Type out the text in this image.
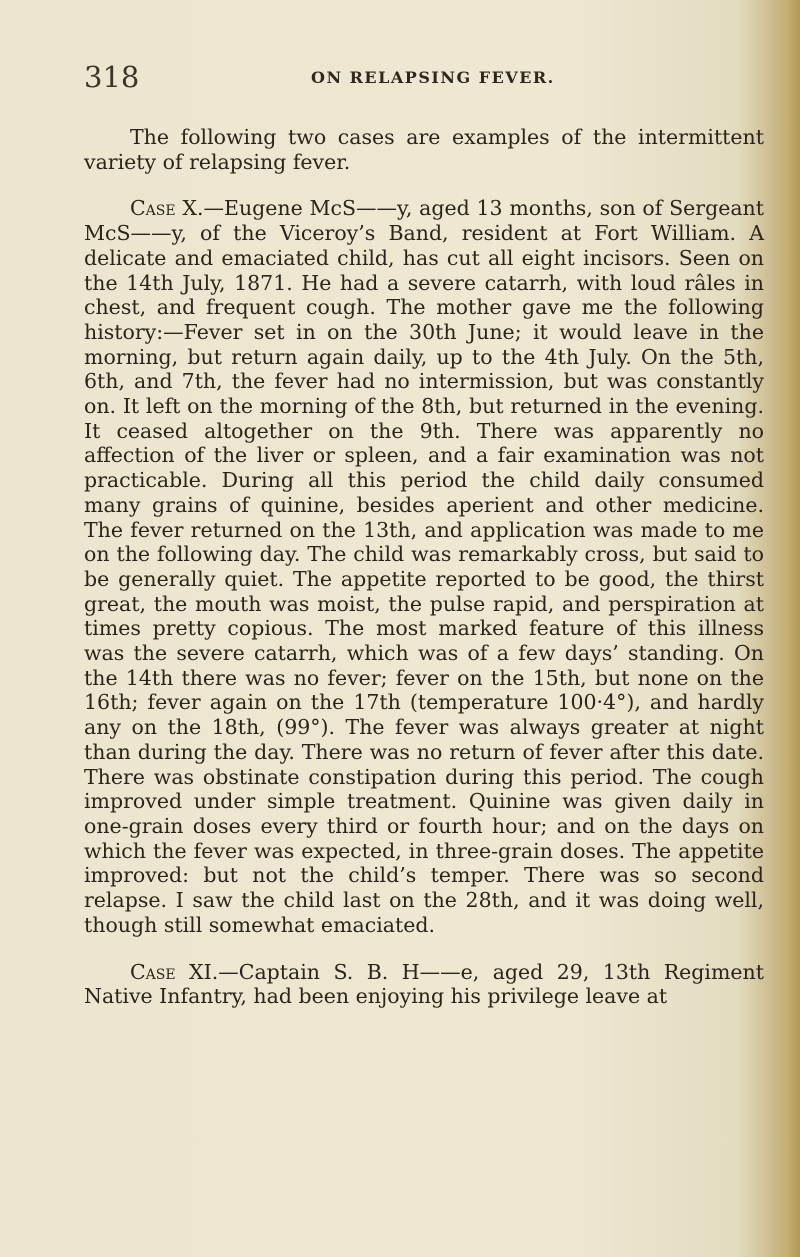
318	ON RELAPSING FEVER.

The following two cases are examples of the intermittent variety of relapsing fever.

Case X.—Eugene McS——y, aged 13 months, son of Sergeant McS——y, of the Viceroy’s Band, resident at Fort William. A delicate and emaciated child, has cut all eight incisors. Seen on the 14th July, 1871. He had a severe catarrh, with loud râles in chest, and frequent cough. The mother gave me the following history:—Fever set in on the 30th June; it would leave in the morning, but return again daily, up to the 4th July. On the 5th, 6th, and 7th, the fever had no intermission, but was constantly on. It left on the morning of the 8th, but returned in the evening. It ceased altogether on the 9th. There was apparently no affection of the liver or spleen, and a fair examination was not practicable. During all this period the child daily consumed many grains of quinine, besides aperient and other medicine. The fever returned on the 13th, and application was made to me on the following day. The child was remarkably cross, but said to be generally quiet. The appetite reported to be good, the thirst great, the mouth was moist, the pulse rapid, and perspiration at times pretty copious. The most marked feature of this illness was the severe catarrh, which was of a few days’ standing. On the 14th there was no fever; fever on the 15th, but none on the 16th; fever again on the 17th (temperature 100·4°), and hardly any on the 18th, (99°). The fever was always greater at night than during the day. There was no return of fever after this date. There was obstinate constipation during this period. The cough improved under simple treatment. Quinine was given daily in one-grain doses every third or fourth hour; and on the days on which the fever was expected, in three-grain doses. The appetite improved: but not the child’s temper. There was so second relapse. I saw the child last on the 28th, and it was doing well, though still somewhat emaciated.

Case XI.—Captain S. B. H——e, aged 29, 13th Regiment Native Infantry, had been enjoying his privilege leave at
